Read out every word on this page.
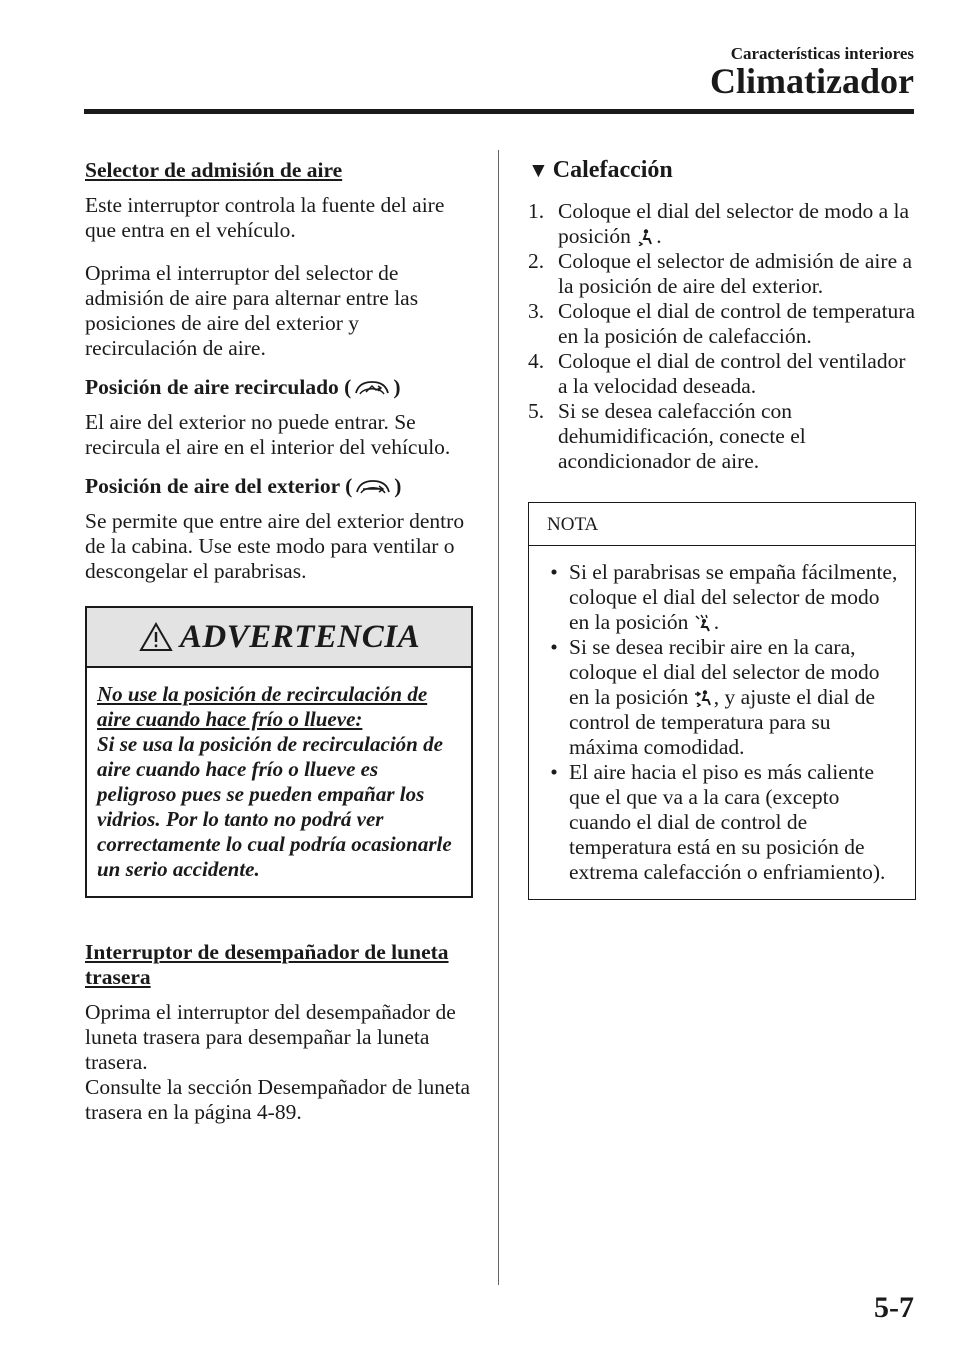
Características interiores
Climatizador

Selector de admisión de aire

Este interruptor controla la fuente del aire que entra en el vehículo.

Oprima el interruptor del selector de admisión de aire para alternar entre las posiciones de aire del exterior y recirculación de aire.

Posición de aire recirculado ( )

El aire del exterior no puede entrar. Se recircula el aire en el interior del vehículo.

Posición de aire del exterior ( )

Se permite que entre aire del exterior dentro de la cabina. Use este modo para ventilar o descongelar el parabrisas.

ADVERTENCIA
No use la posición de recirculación de aire cuando hace frío o llueve:
Si se usa la posición de recirculación de aire cuando hace frío o llueve es peligroso pues se pueden empañar los vidrios. Por lo tanto no podrá ver correctamente lo cual podría ocasionarle un serio accidente.

Interruptor de desempañador de luneta trasera

Oprima el interruptor del desempañador de luneta trasera para desempañar la luneta trasera.

Consulte la sección Desempañador de luneta trasera en la página 4-89.

▼ Calefacción
1. Coloque el dial del selector de modo a la posición .
2. Coloque el selector de admisión de aire a la posición de aire del exterior.
3. Coloque el dial de control de temperatura en la posición de calefacción.
4. Coloque el dial de control del ventilador a la velocidad deseada.
5. Si se desea calefacción con dehumidificación, conecte el acondicionador de aire.
NOTA
• Si el parabrisas se empaña fácilmente, coloque el dial del selector de modo en la posición .
• Si se desea recibir aire en la cara, coloque el dial del selector de modo en la posición , y ajuste el dial de control de temperatura para su máxima comodidad.
• El aire hacia el piso es más caliente que el que va a la cara (excepto cuando el dial de control de temperatura está en su posición de extrema calefacción o enfriamiento).
5-7
